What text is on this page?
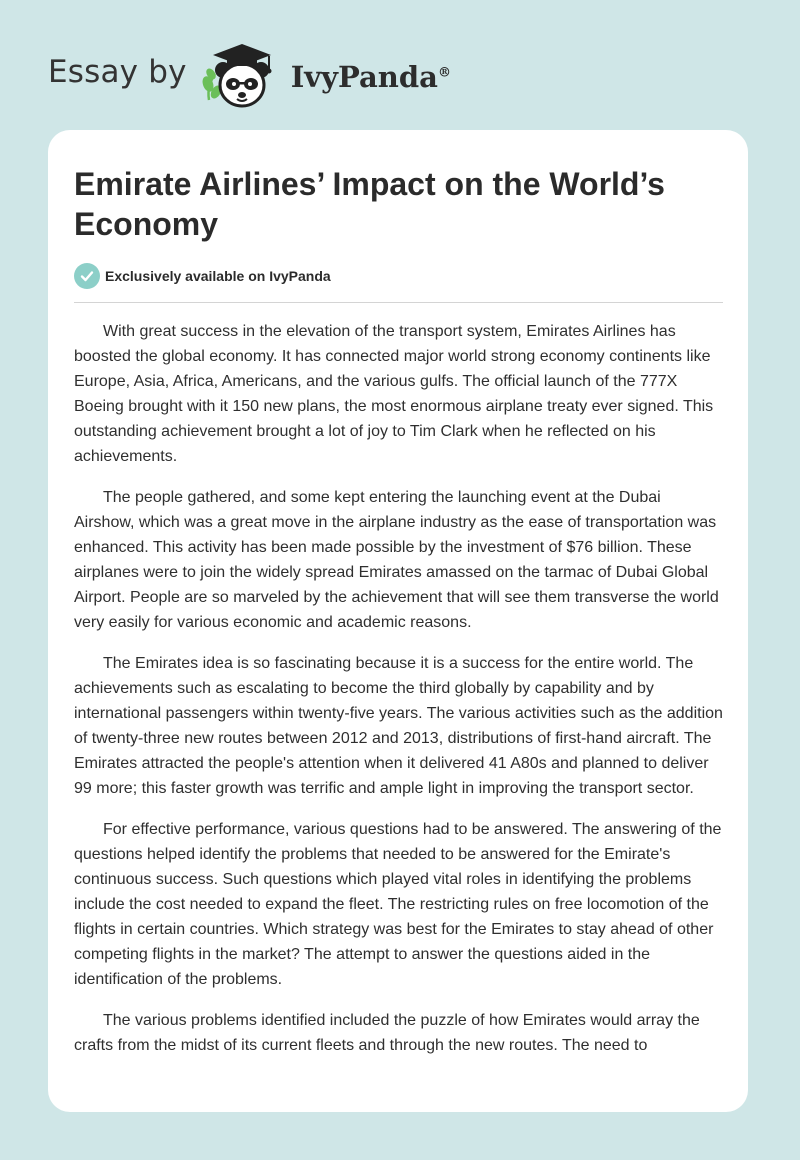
Essay by	IvyPanda®
Emirate Airlines’ Impact on the World’s Economy
Exclusively available on IvyPanda

With great success in the elevation of the transport system, Emirates Airlines has boosted the global economy. It has connected major world strong economy continents like Europe, Asia, Africa, Americans, and the various gulfs. The official launch of the 777X Boeing brought with it 150 new plans, the most enormous airplane treaty ever signed. This outstanding achievement brought a lot of joy to Tim Clark when he reflected on his achievements.

The people gathered, and some kept entering the launching event at the Dubai Airshow, which was a great move in the airplane industry as the ease of transportation was enhanced. This activity has been made possible by the investment of $76 billion. These airplanes were to join the widely spread Emirates amassed on the tarmac of Dubai Global Airport. People are so marveled by the achievement that will see them transverse the world very easily for various economic and academic reasons.

The Emirates idea is so fascinating because it is a success for the entire world. The achievements such as escalating to become the third globally by capability and by international passengers within twenty-five years. The various activities such as the addition of twenty-three new routes between 2012 and 2013, distributions of first-hand aircraft. The Emirates attracted the people's attention when it delivered 41 A80s and planned to deliver 99 more; this faster growth was terrific and ample light in improving the transport sector.

For effective performance, various questions had to be answered. The answering of the questions helped identify the problems that needed to be answered for the Emirate's continuous success. Such questions which played vital roles in identifying the problems include the cost needed to expand the fleet. The restricting rules on free locomotion of the flights in certain countries. Which strategy was best for the Emirates to stay ahead of other competing flights in the market? The attempt to answer the questions aided in the identification of the problems.

The various problems identified included the puzzle of how Emirates would array the crafts from the midst of its current fleets and through the new routes. The need to
